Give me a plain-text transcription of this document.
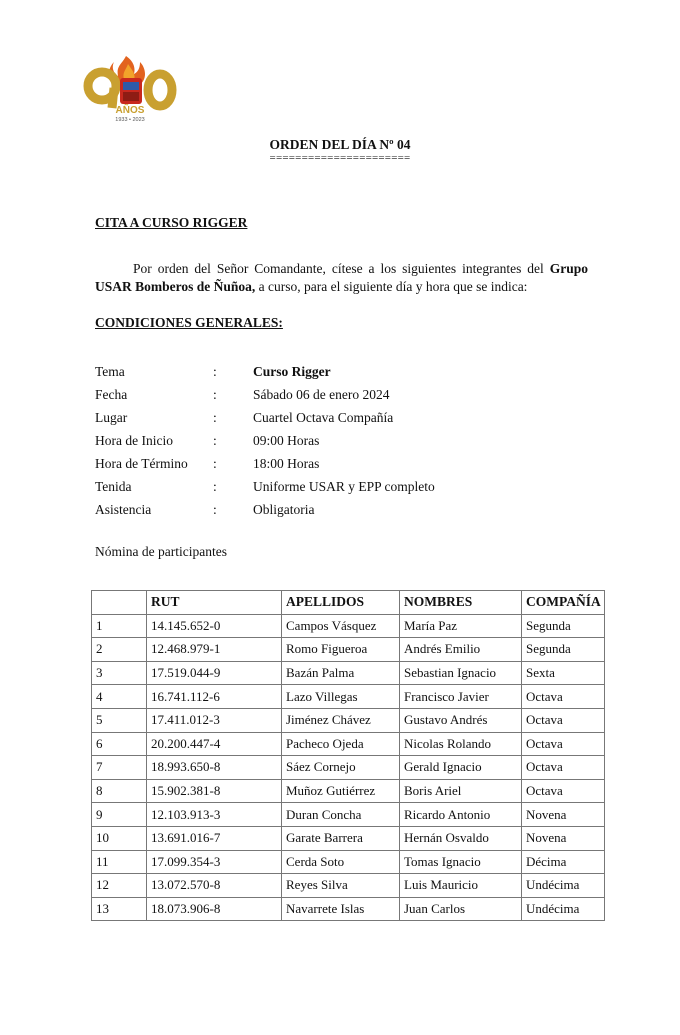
AÑOS
1933 • 2023
ORDEN DEL DÍA Nº 04
======================
CITA A CURSO RIGGER
Por orden del Señor Comandante, cítese a los siguientes integrantes del Grupo USAR Bomberos de Ñuñoa, a curso, para el siguiente día y hora que se indica:
CONDICIONES GENERALES:
Tema	:	Curso Rigger
Fecha	:	Sábado 06 de enero 2024
Lugar	:	Cuartel Octava Compañía
Hora de Inicio	:	09:00 Horas
Hora de Término	:	18:00 Horas
Tenida	:	Uniforme USAR y EPP completo
Asistencia	:	Obligatoria
Nómina de participantes
	RUT	APELLIDOS	NOMBRES	COMPAÑÍA
1	14.145.652-0	Campos Vásquez	María Paz	Segunda
2	12.468.979-1	Romo Figueroa	Andrés Emilio	Segunda
3	17.519.044-9	Bazán Palma	Sebastian Ignacio	Sexta
4	16.741.112-6	Lazo Villegas	Francisco Javier	Octava
5	17.411.012-3	Jiménez Chávez	Gustavo Andrés	Octava
6	20.200.447-4	Pacheco Ojeda	Nicolas Rolando	Octava
7	18.993.650-8	Sáez Cornejo	Gerald Ignacio	Octava
8	15.902.381-8	Muñoz Gutiérrez	Boris Ariel	Octava
9	12.103.913-3	Duran Concha	Ricardo Antonio	Novena
10	13.691.016-7	Garate Barrera	Hernán Osvaldo	Novena
11	17.099.354-3	Cerda Soto	Tomas Ignacio	Décima
12	13.072.570-8	Reyes Silva	Luis Mauricio	Undécima
13	18.073.906-8	Navarrete Islas	Juan Carlos	Undécima
